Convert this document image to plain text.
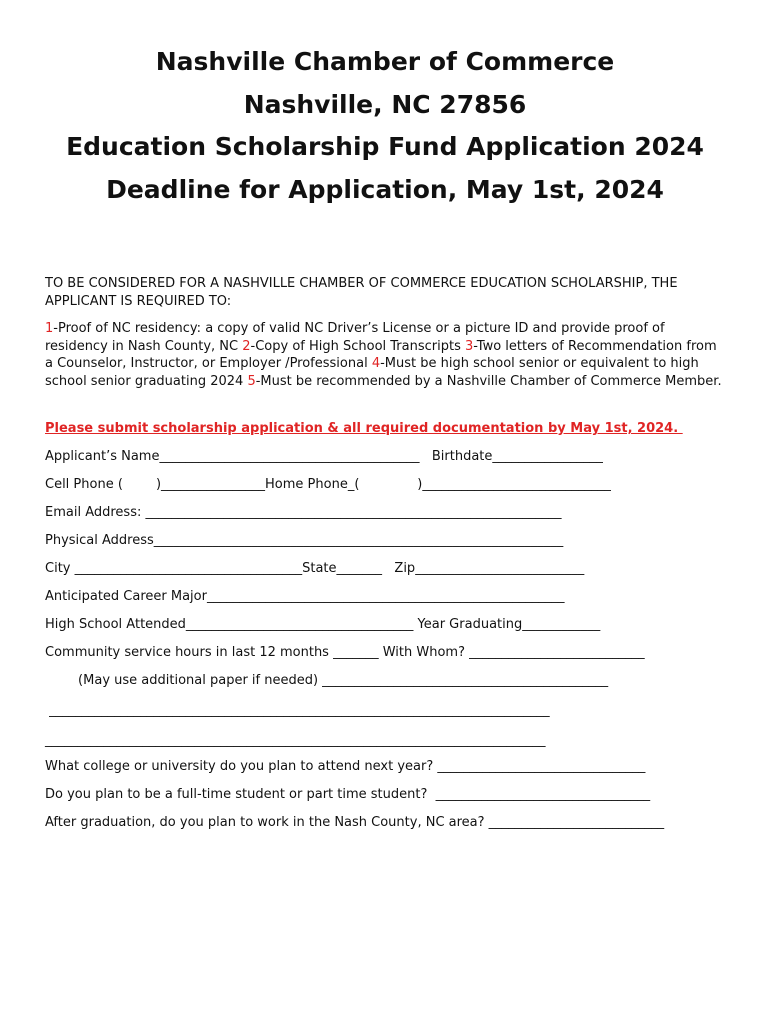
Nashville Chamber of Commerce
Nashville, NC 27856
Education Scholarship Fund Application 2024
Deadline for Application, May 1st, 2024
TO BE CONSIDERED FOR A NASHVILLE CHAMBER OF COMMERCE EDUCATION SCHOLARSHIP, THE APPLICANT IS REQUIRED TO:
1-Proof of NC residency: a copy of valid NC Driver’s License or a picture ID and provide proof of residency in Nash County, NC 2-Copy of High School Transcripts 3-Two letters of Recommendation from a Counselor, Instructor, or Employer /Professional 4-Must be high school senior or equivalent to high school senior graduating 2024 5-Must be recommended by a Nashville Chamber of Commerce Member.
Please submit scholarship application & all required documentation by May 1st, 2024.
Applicant’s Name________________________________________   Birthdate_________________
Cell Phone (        )________________Home Phone_(              )_____________________________
Email Address: ________________________________________________________________
Physical Address_______________________________________________________________
City ___________________________________State_______   Zip__________________________
Anticipated Career Major_______________________________________________________
High School Attended___________________________________ Year Graduating____________
Community service hours in last 12 months _______ With Whom? ___________________________
(May use additional paper if needed) ____________________________________________
_____________________________________________________________________________
_____________________________________________________________________________
What college or university do you plan to attend next year? ________________________________
Do you plan to be a full-time student or part time student?  _________________________________
After graduation, do you plan to work in the Nash County, NC area? ___________________________
